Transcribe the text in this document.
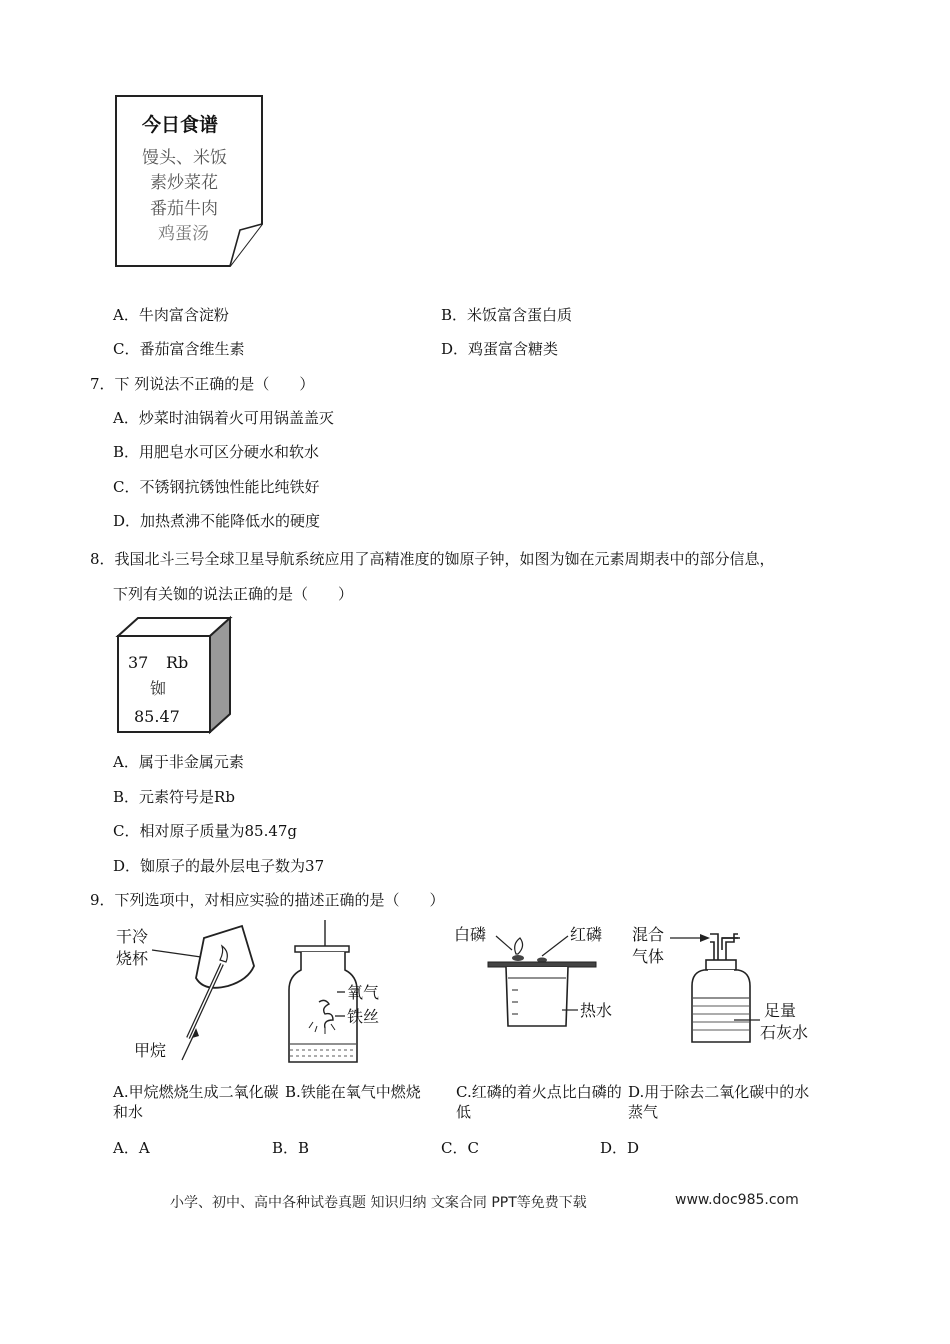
今日食谱
馒头、米饭
素炒菜花
番茄牛肉
鸡蛋汤
A．牛肉富含淀粉	B．米饭富含蛋白质
C．番茄富含维生素	D．鸡蛋富含糖类
7．下 列说法不正确的是（　　）
A．炒菜时油锅着火可用锅盖盖灭
B．用肥皂水可区分硬水和软水
C．不锈钢抗锈蚀性能比纯铁好
D．加热煮沸不能降低水的硬度
8．我国北斗三号全球卫星导航系统应用了高精准度的铷原子钟，如图为铷在元素周期表中的部分信息，
下列有关铷的说法正确的是（　　）
37 Rb
铷
85.47
A．属于非金属元素
B．元素符号是Rb
C．相对原子质量为85.47g
D．铷原子的最外层电子数为37
9．下列选项中，对相应实验的描述正确的是（　　）
干冷
烧杯
甲烷
氧气
铁丝
白磷	红磷
热水
混合
气体
足量
石灰水
A.甲烷燃烧生成二氧化碳和水
B.铁能在氧气中燃烧	C.红磷的着火点比白磷的低
D.用于除去二氧化碳中的水蒸气
A．A	B．B	C．C	D．D
小学、初中、高中各种试卷真题 知识归纳 文案合同 PPT等免费下载	www.doc985.com
